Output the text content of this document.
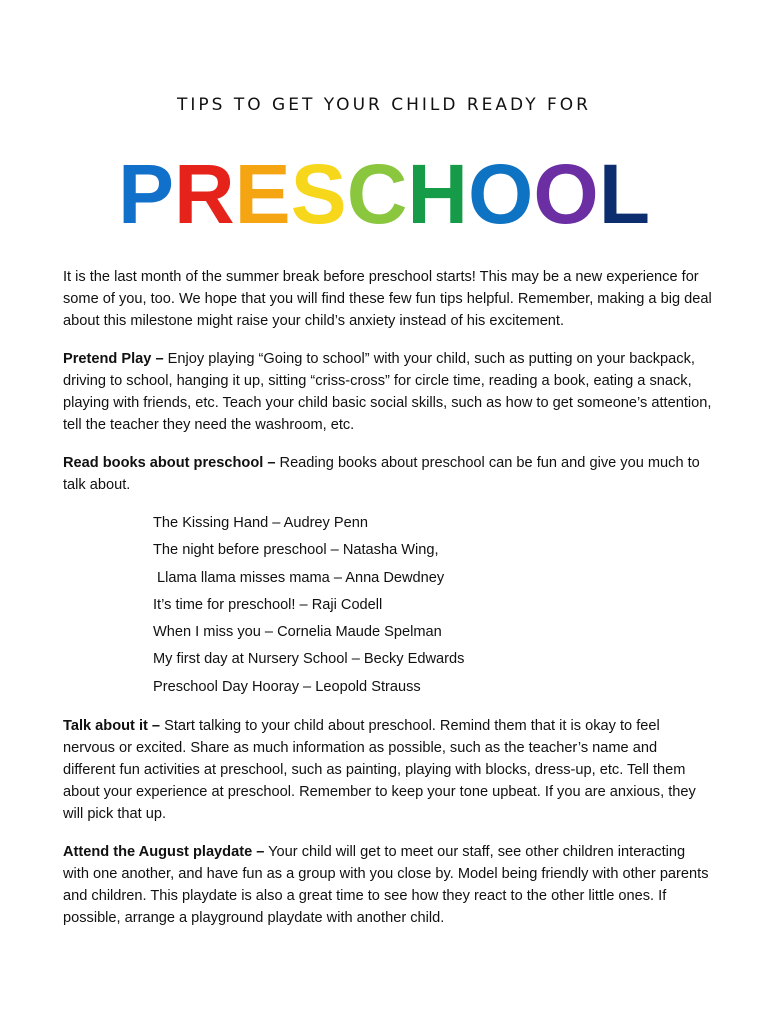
TIPS TO GET YOUR CHILD READY FOR
PRESCHOOL

It is the last month of the summer break before preschool starts! This may be a new experience for some of you, too. We hope that you will find these few fun tips helpful. Remember, making a big deal about this milestone might raise your child’s anxiety instead of his excitement.

Pretend Play – Enjoy playing “Going to school” with your child, such as putting on your backpack, driving to school, hanging it up, sitting “criss-cross” for circle time, reading a book, eating a snack, playing with friends, etc. Teach your child basic social skills, such as how to get someone’s attention, tell the teacher they need the washroom, etc.

Read books about preschool – Reading books about preschool can be fun and give you much to talk about.

The Kissing Hand – Audrey Penn
The night before preschool – Natasha Wing,
Llama llama misses mama – Anna Dewdney
It’s time for preschool! – Raji Codell
When I miss you – Cornelia Maude Spelman
My first day at Nursery School – Becky Edwards
Preschool Day Hooray – Leopold Strauss

Talk about it – Start talking to your child about preschool. Remind them that it is okay to feel nervous or excited. Share as much information as possible, such as the teacher’s name and different fun activities at preschool, such as painting, playing with blocks, dress-up, etc. Tell them about your experience at preschool. Remember to keep your tone upbeat. If you are anxious, they will pick that up.

Attend the August playdate – Your child will get to meet our staff, see other children interacting with one another, and have fun as a group with you close by. Model being friendly with other parents and children. This playdate is also a great time to see how they react to the other little ones. If possible, arrange a playground playdate with another child.
